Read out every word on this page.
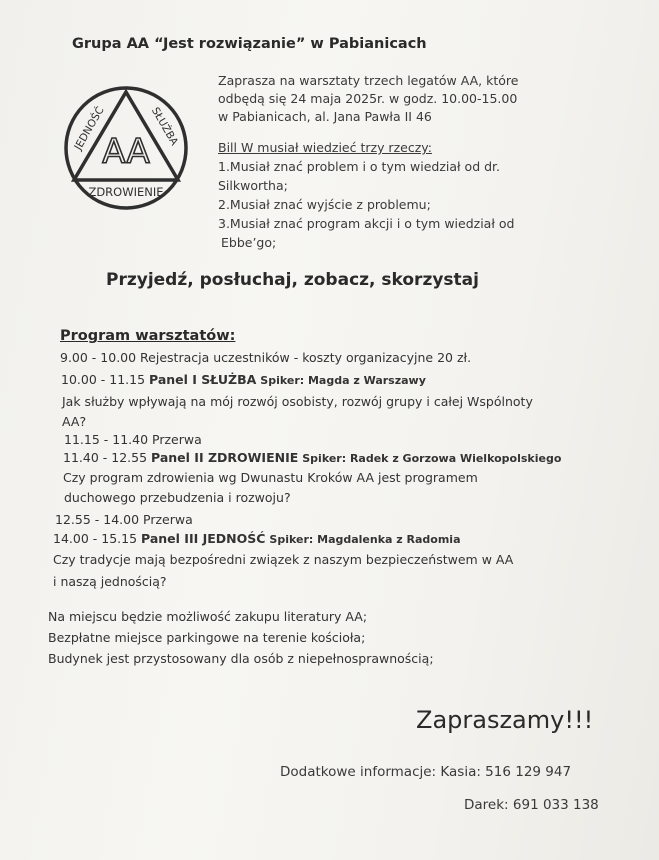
Grupa AA “Jest rozwiązanie” w Pabianicach
AA
JEDNOŚĆ	SŁUŻBA
ZDROWIENIE
Zaprasza na warsztaty trzech legatów AA, które
odbędą się 24 maja 2025r. w godz. 10.00-15.00
w Pabianicach, al. Jana Pawła II 46
Bill W musiał wiedzieć trzy rzeczy:
1.Musiał znać problem i o tym wiedział od dr.
Silkwortha;
2.Musiał znać wyjście z problemu;
3.Musiał znać program akcji i o tym wiedział od
Ebbe’go;
Przyjedź, posłuchaj, zobacz, skorzystaj
Program warsztatów:
9.00 - 10.00 Rejestracja uczestników - koszty organizacyjne 20 zł.
10.00 - 11.15 Panel I SŁUŻBA Spiker: Magda z Warszawy
Jak służby wpływają na mój rozwój osobisty, rozwój grupy i całej Wspólnoty
AA?
11.15 - 11.40 Przerwa
11.40 - 12.55 Panel II ZDROWIENIE Spiker: Radek z Gorzowa Wielkopolskiego
Czy program zdrowienia wg Dwunastu Kroków AA jest programem
duchowego przebudzenia i rozwoju?
12.55 - 14.00 Przerwa
14.00 - 15.15 Panel III JEDNOŚĆ Spiker: Magdalenka z Radomia
Czy tradycje mają bezpośredni związek z naszym bezpieczeństwem w AA
i naszą jednością?
Na miejscu będzie możliwość zakupu literatury AA;
Bezpłatne miejsce parkingowe na terenie kościoła;
Budynek jest przystosowany dla osób z niepełnosprawnością;
Zapraszamy!!!
Dodatkowe informacje: Kasia: 516 129 947
Darek: 691 033 138
